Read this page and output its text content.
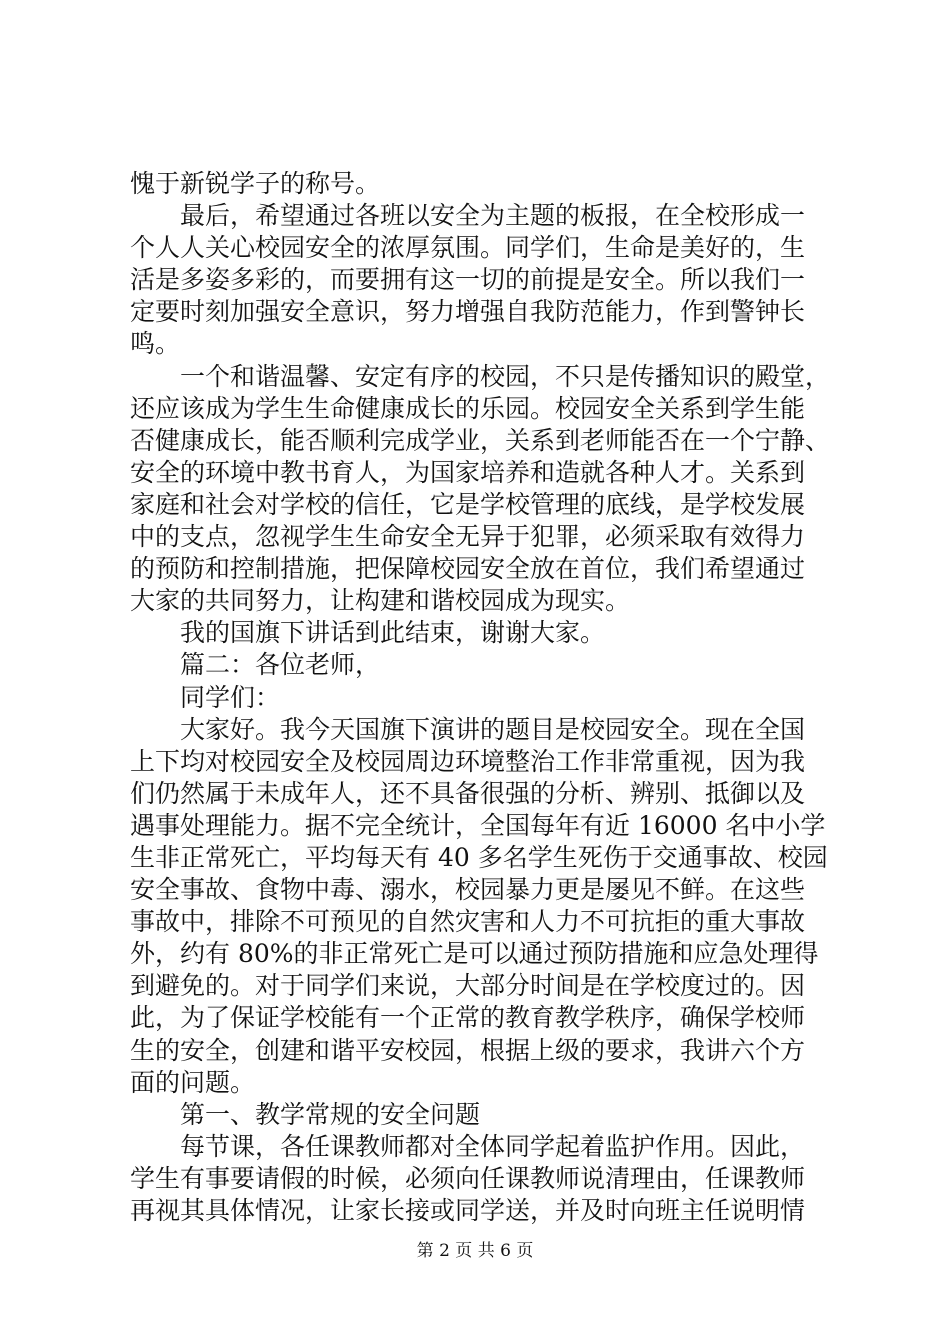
愧于新锐学子的称号。
　　最后，希望通过各班以安全为主题的板报，在全校形成一
个人人关心校园安全的浓厚氛围。同学们，生命是美好的，生
活是多姿多彩的，而要拥有这一切的前提是安全。所以我们一
定要时刻加强安全意识，努力增强自我防范能力，作到警钟长
鸣。
　　一个和谐温馨、安定有序的校园，不只是传播知识的殿堂，
还应该成为学生生命健康成长的乐园。校园安全关系到学生能
否健康成长，能否顺利完成学业，关系到老师能否在一个宁静、
安全的环境中教书育人，为国家培养和造就各种人才。关系到
家庭和社会对学校的信任，它是学校管理的底线，是学校发展
中的支点，忽视学生生命安全无异于犯罪，必须采取有效得力
的预防和控制措施，把保障校园安全放在首位，我们希望通过
大家的共同努力，让构建和谐校园成为现实。
　　我的国旗下讲话到此结束，谢谢大家。
　　篇二：各位老师，
　　同学们：
　　大家好。我今天国旗下演讲的题目是校园安全。现在全国
上下均对校园安全及校园周边环境整治工作非常重视，因为我
们仍然属于未成年人，还不具备很强的分析、辨别、抵御以及
遇事处理能力。据不完全统计，全国每年有近 16000 名中小学
生非正常死亡，平均每天有 40 多名学生死伤于交通事故、校园
安全事故、食物中毒、溺水，校园暴力更是屡见不鲜。在这些
事故中，排除不可预见的自然灾害和人力不可抗拒的重大事故
外，约有 80%的非正常死亡是可以通过预防措施和应急处理得
到避免的。对于同学们来说，大部分时间是在学校度过的。因
此，为了保证学校能有一个正常的教育教学秩序，确保学校师
生的安全，创建和谐平安校园，根据上级的要求，我讲六个方
面的问题。
　　第一、教学常规的安全问题
　　每节课，各任课教师都对全体同学起着监护作用。因此，
学生有事要请假的时候，必须向任课教师说清理由，任课教师
再视其具体情况，让家长接或同学送，并及时向班主任说明情
第 2 页 共 6 页
